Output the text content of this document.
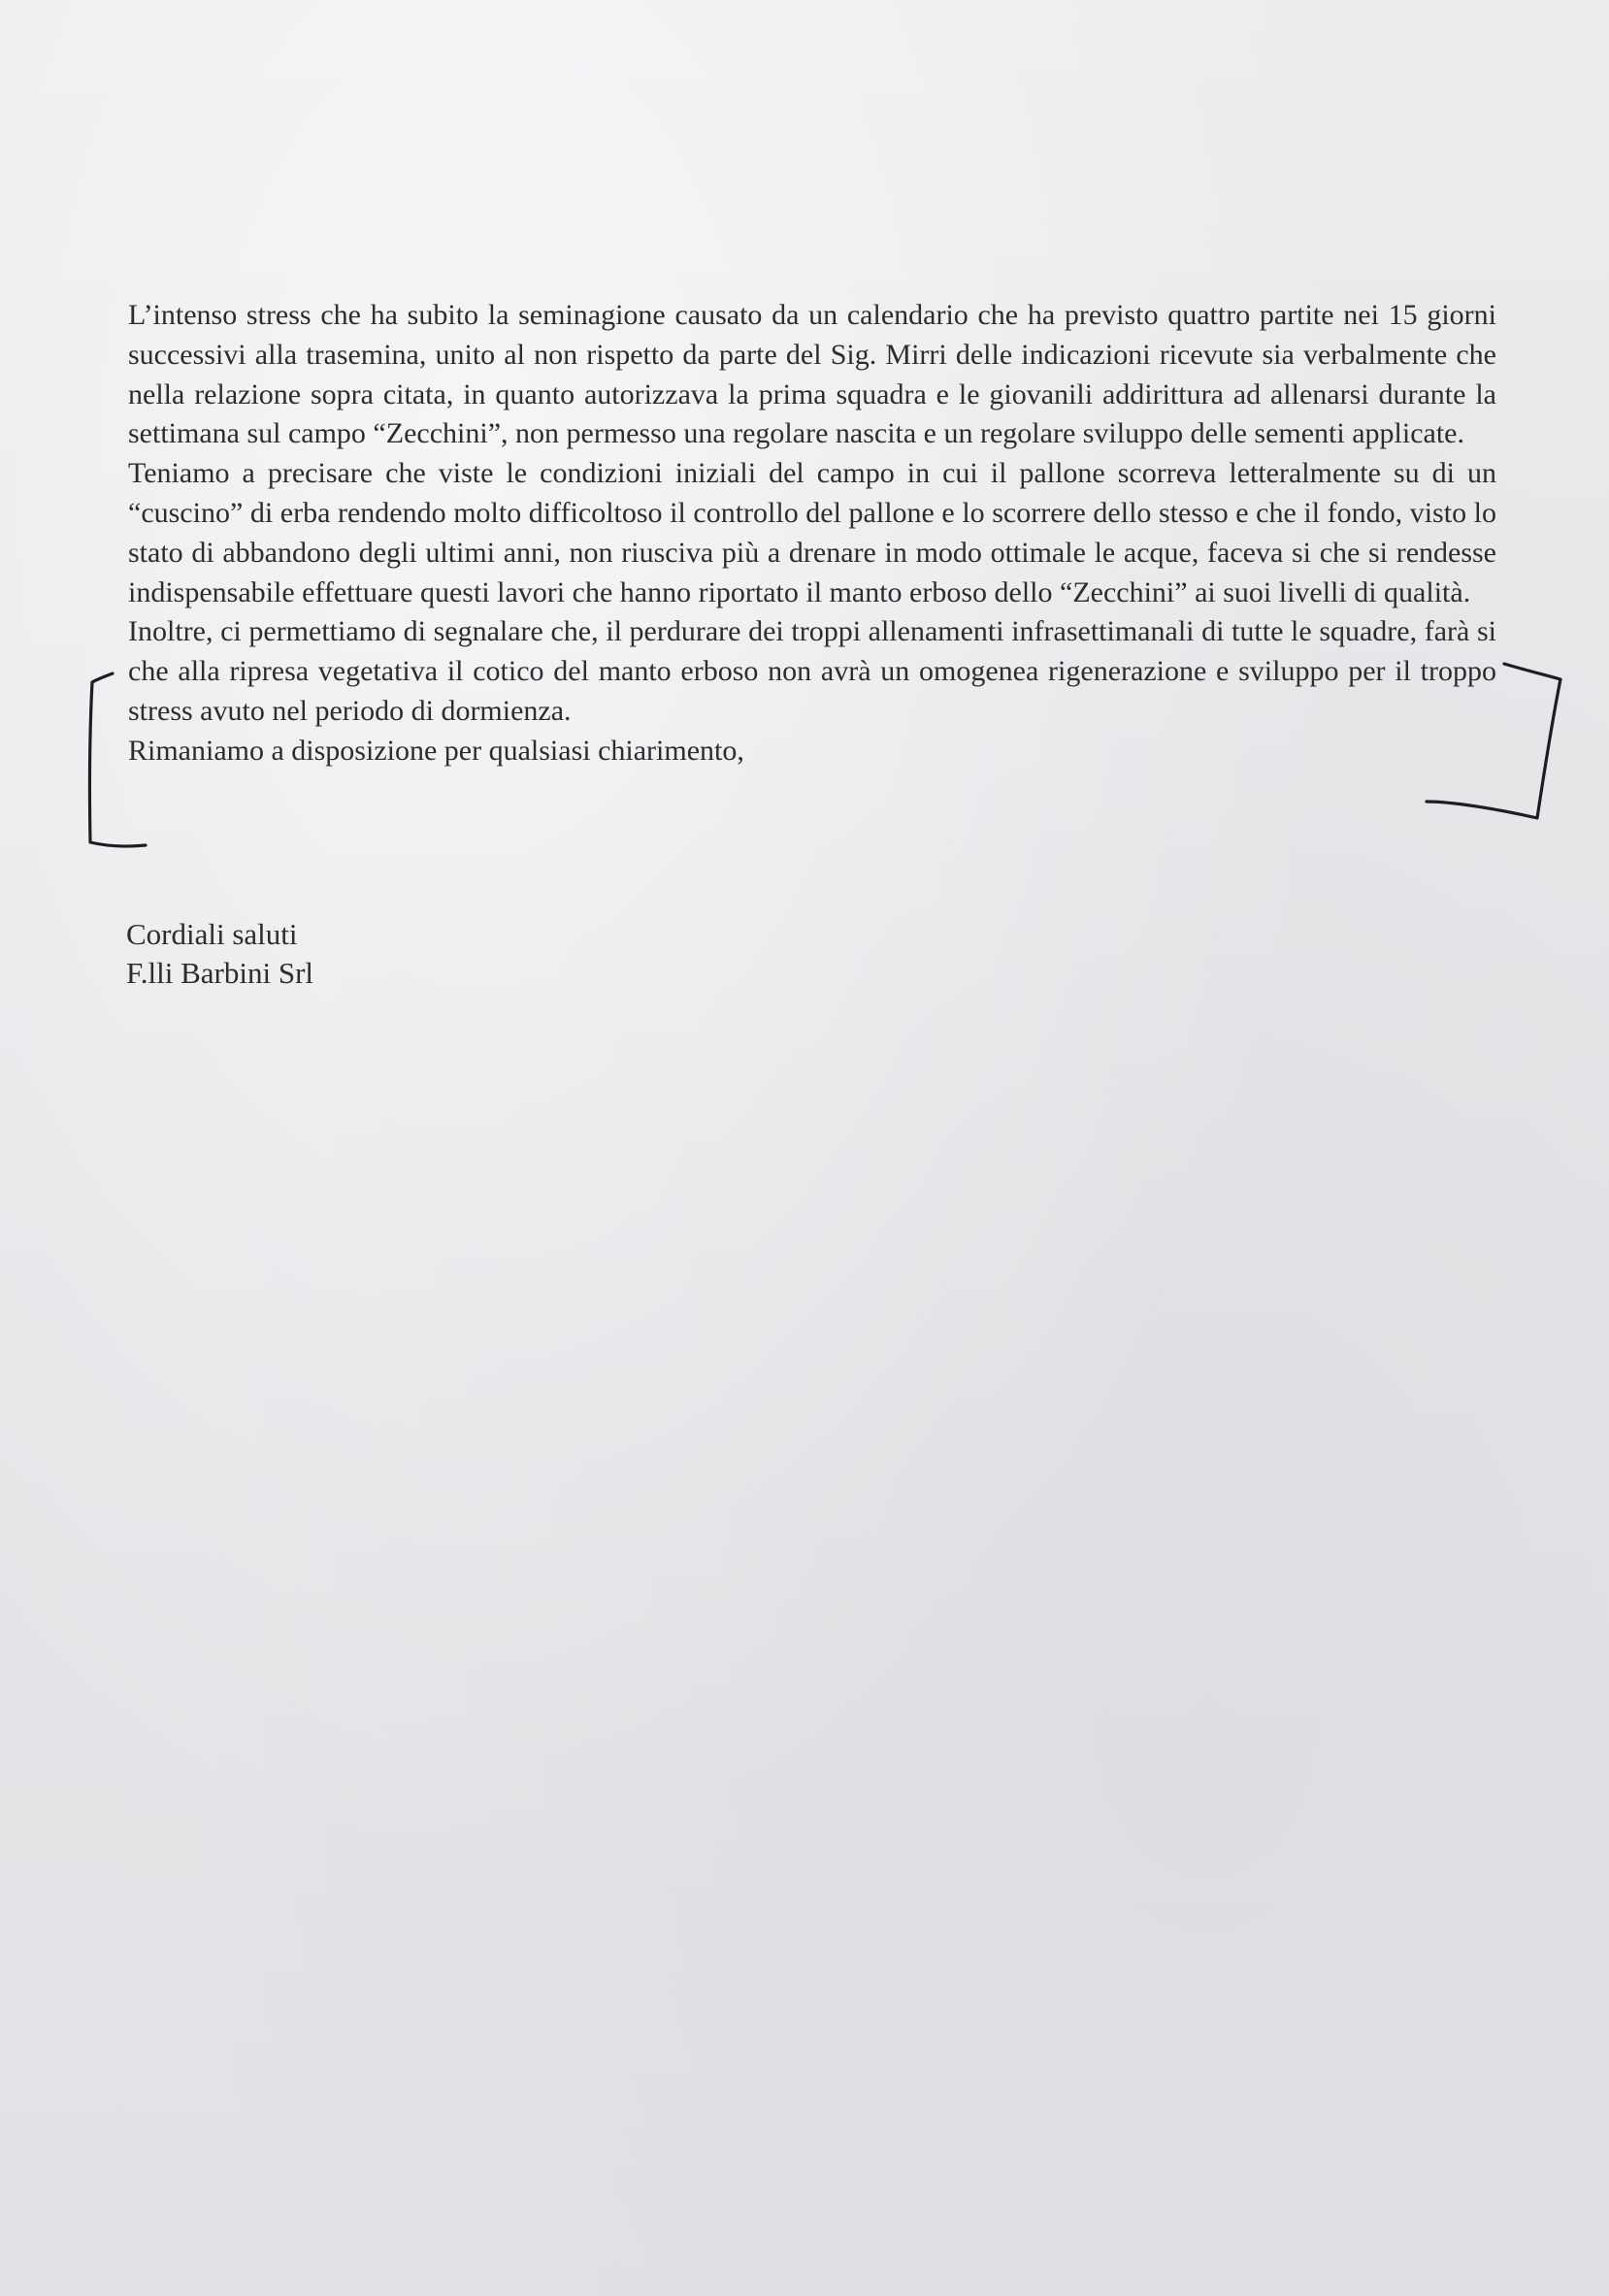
L’intenso stress che ha subito la seminagione causato da un calendario che ha previsto quattro partite nei 15 giorni successivi alla trasemina, unito al non rispetto da parte del Sig. Mirri delle indicazioni ricevute sia verbalmente che nella relazione sopra citata, in quanto autorizzava la prima squadra e le giovanili addirittura ad allenarsi durante la settimana sul campo “Zecchini”, non permesso una regolare nascita e un regolare sviluppo delle sementi applicate.

Teniamo a precisare che viste le condizioni iniziali del campo in cui il pallone scorreva letteralmente su di un “cuscino” di erba rendendo molto difficoltoso il controllo del pallone e lo scorrere dello stesso e che il fondo, visto lo stato di abbandono degli ultimi anni, non riusciva più a drenare in modo ottimale le acque, faceva si che si rendesse indispensabile effettuare questi lavori che hanno riportato il manto erboso dello “Zecchini” ai suoi livelli di qualità.

Inoltre, ci permettiamo di segnalare che, il perdurare dei troppi allenamenti infrasettimanali di tutte le squadre, farà si che alla ripresa vegetativa il cotico del manto erboso non avrà un omogenea rigenerazione e sviluppo per il troppo stress avuto nel periodo di dormienza.

Rimaniamo a disposizione per qualsiasi chiarimento,

Cordiali saluti
F.lli Barbini Srl
